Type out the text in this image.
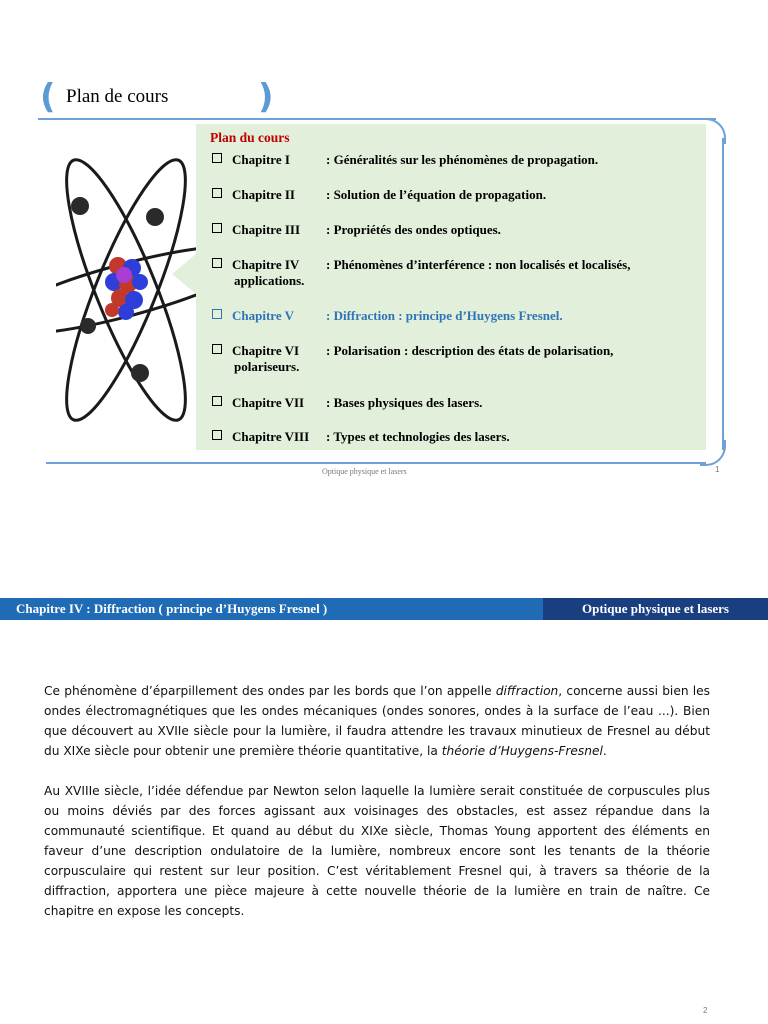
(	)
Plan de cours
Plan du cours
Chapitre I	: Généralités sur les phénomènes de propagation.
Chapitre II : Solution de l’équation de propagation.
Chapitre III : Propriétés des ondes optiques.
Chapitre IV : Phénomènes d’interférence : non localisés et localisés,
applications.
Chapitre V : Diffraction : principe d’Huygens Fresnel.
Chapitre VI : Polarisation : description des états de polarisation,
polariseurs.
Chapitre VII : Bases physiques des lasers.
Chapitre VIII : Types et technologies des lasers.
Optique physique et lasers	1
Chapitre IV : Diffraction ( principe d’Huygens Fresnel )	Optique physique et lasers

Ce phénomène d’éparpillement des ondes par les bords que l’on appelle diffraction, concerne aussi bien les ondes électromagnétiques que les ondes mécaniques (ondes sonores, ondes à la surface de l’eau ...). Bien que découvert au XVIIe siècle pour la lumière, il faudra attendre les travaux minutieux de Fresnel au début du XIXe siècle pour obtenir une première théorie quantitative, la théorie d’Huygens-Fresnel.

Au XVIIIe siècle, l’idée défendue par Newton selon laquelle la lumière serait constituée de corpuscules plus ou moins déviés par des forces agissant aux voisinages des obstacles, est assez répandue dans la communauté scientifique. Et quand au début du XIXe siècle, Thomas Young apportent des éléments en faveur d’une description ondulatoire de la lumière, nombreux encore sont les tenants de la théorie corpusculaire qui restent sur leur position. C’est véritablement Fresnel qui, à travers sa théorie de la diffraction, apportera une pièce majeure à cette nouvelle théorie de la lumière en train de naître. Ce chapitre en expose les concepts.

2
